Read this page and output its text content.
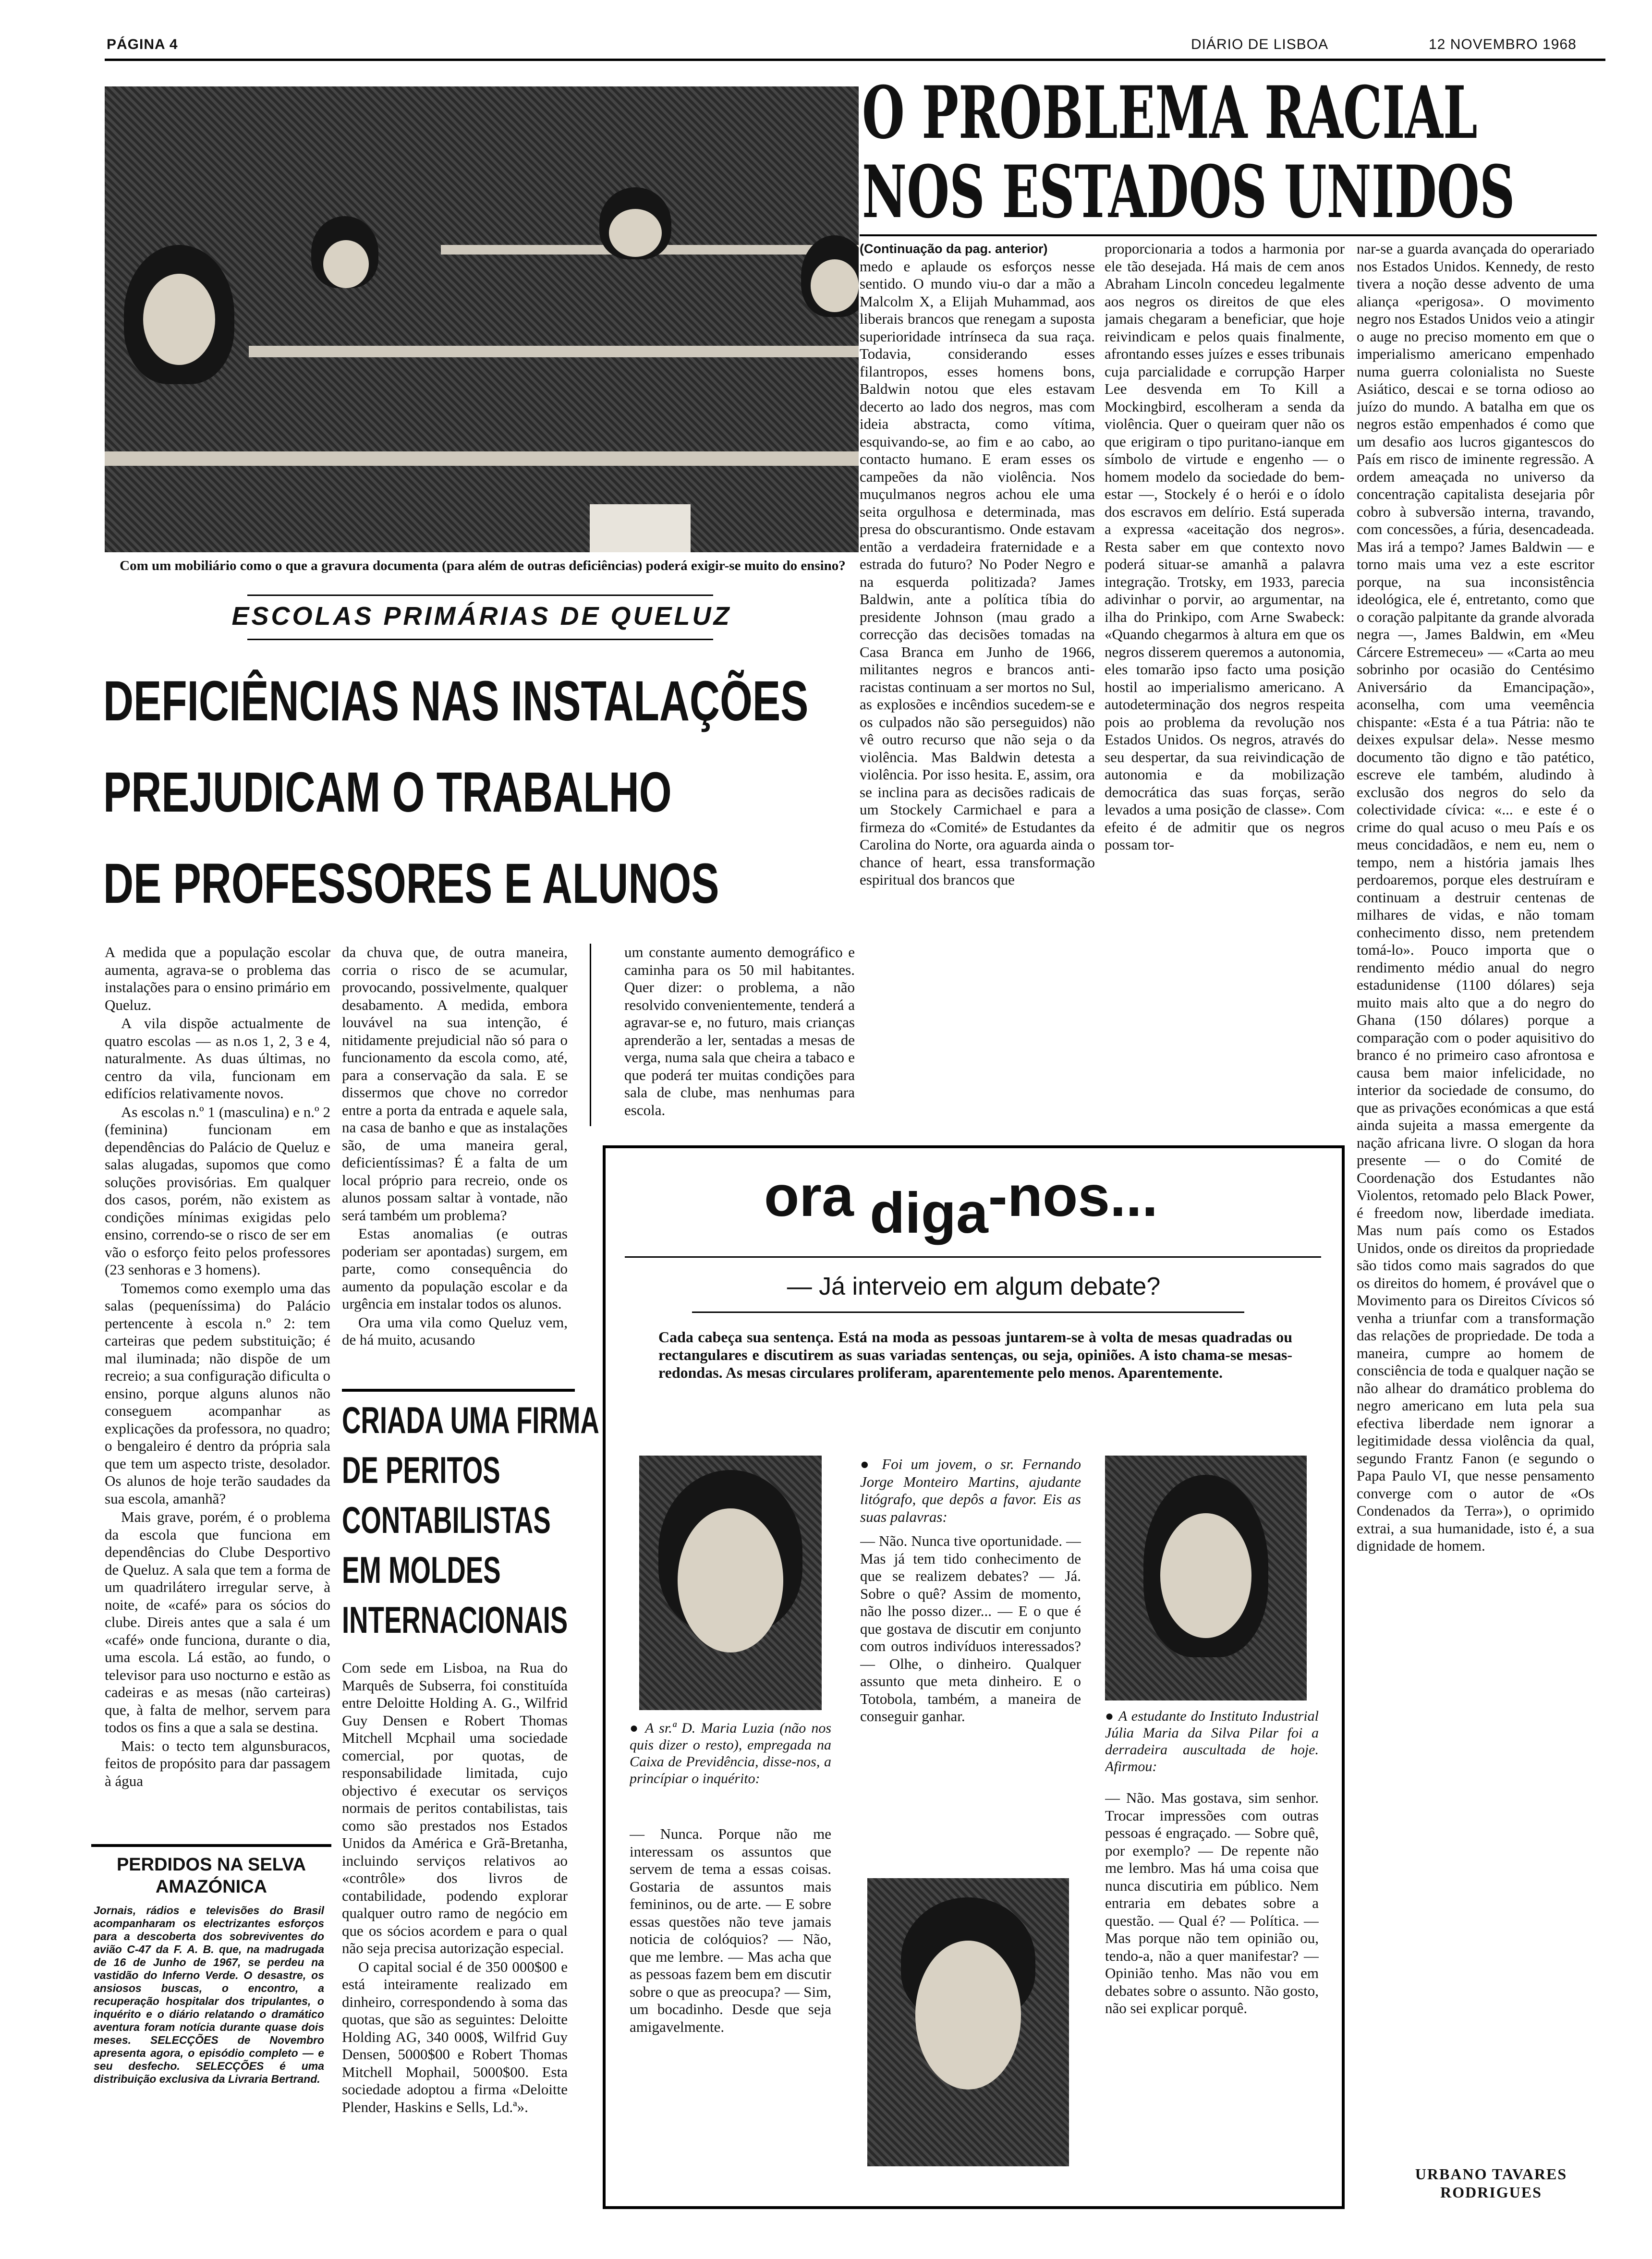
PÁGINA 4	DIÁRIO DE LISBOA	12 NOVEMBRO 1968
Com um mobiliário como o que a gravura documenta (para além de outras deficiências) poderá exigir-se muito do ensino?
ESCOLAS PRIMÁRIAS DE QUELUZ
DEFICIÊNCIAS NAS INSTALAÇÕES
PREJUDICAM O TRABALHO
DE PROFESSORES E ALUNOS

A medida que a população escolar aumenta, agrava-se o problema das instalações para o ensino primário em Queluz.

A vila dispõe actualmente de quatro escolas — as n.os 1, 2, 3 e 4, naturalmente. As duas últimas, no centro da vila, funcionam em edifícios relativamente novos.

As escolas n.º 1 (masculina) e n.º 2 (feminina) funcionam em dependências do Palácio de Queluz e salas alugadas, supomos que como soluções provisórias. Em qualquer dos casos, porém, não existem as condições mínimas exigidas pelo ensino, correndo-se o risco de ser em vão o esforço feito pelos professores (23 senhoras e 3 homens).

Tomemos como exemplo uma das salas (pequeníssima) do Palácio pertencente à escola n.º 2: tem carteiras que pedem substituição; é mal iluminada; não dispõe de um recreio; a sua configuração dificulta o ensino, porque alguns alunos não conseguem acompanhar as explicações da professora, no quadro; o bengaleiro é dentro da própria sala que tem um aspecto triste, desolador. Os alunos de hoje terão saudades da sua escola, amanhã?

Mais grave, porém, é o problema da escola que funciona em dependências do Clube Desportivo de Queluz. A sala que tem a forma de um quadrilátero irregular serve, à noite, de «café» para os sócios do clube. Direis antes que a sala é um «café» onde funciona, durante o dia, uma escola. Lá estão, ao fundo, o televisor para uso nocturno e estão as cadeiras e as mesas (não carteiras) que, à falta de melhor, servem para todos os fins a que a sala se destina.

Mais: o tecto tem algunsburacos, feitos de propósito para dar passagem à água

da chuva que, de outra maneira, corria o risco de se acumular, provocando, possivelmente, qualquer desabamento. A medida, embora louvável na sua intenção, é nitidamente prejudicial não só para o funcionamento da escola como, até, para a conservação da sala. E se dissermos que chove no corredor entre a porta da entrada e aquele sala, na casa de banho e que as instalações são, de uma maneira geral, deficientíssimas? É a falta de um local próprio para recreio, onde os alunos possam saltar à vontade, não será também um problema?

Estas anomalias (e outras poderiam ser apontadas) surgem, em parte, como consequência do aumento da população escolar e da urgência em instalar todos os alunos.

Ora uma vila como Queluz vem, de há muito, acusando

um constante aumento demográfico e caminha para os 50 mil habitantes. Quer dizer: o problema, a não resolvido convenientemente, tenderá a agravar-se e, no futuro, mais crianças aprenderão a ler, sentadas a mesas de verga, numa sala que cheira a tabaco e que poderá ter muitas condições para sala de clube, mas nenhumas para escola.

CRIADA UMA FIRMA
DE PERITOS
CONTABILISTAS
EM MOLDES
INTERNACIONAIS

Com sede em Lisboa, na Rua do Marquês de Subserra, foi constituída entre Deloitte Holding A. G., Wilfrid Guy Densen e Robert Thomas Mitchell Mcphail uma sociedade comercial, por quotas, de responsabilidade limitada, cujo objectivo é executar os serviços normais de peritos contabilistas, tais como são prestados nos Estados Unidos da América e Grã-Bretanha, incluindo serviços relativos ao «contrôle» dos livros de contabilidade, podendo explorar qualquer outro ramo de negócio em que os sócios acordem e para o qual não seja precisa autorização especial.

O capital social é de 350 000$00 e está inteiramente realizado em dinheiro, correspondendo à soma das quotas, que são as seguintes: Deloitte Holding AG, 340 000$, Wilfrid Guy Densen, 5000$00 e Robert Thomas Mitchell Mophail, 5000$00. Esta sociedade adoptou a firma «Deloitte Plender, Haskins e Sells, Ld.ª».

PERDIDOS NA SELVA
AMAZÓNICA
Jornais, rádios e televisões do Brasil acompanharam os electrizantes esforços para a descoberta dos sobreviventes do avião C-47 da F. A. B. que, na madrugada de 16 de Junho de 1967, se perdeu na vastidão do Inferno Verde. O desastre, os ansiosos buscas, o encontro, a recuperação hospitalar dos tripulantes, o inquérito e o diário relatando o dramático aventura foram notícia durante quase dois meses. SELECÇÕES de Novembro apresenta agora, o episódio completo — e seu desfecho. SELECÇÕES é uma distribuição exclusiva da Livraria Bertrand.
O PROBLEMA RACIAL
NOS ESTADOS UNIDOS
(Continuação da pag. anterior)

medo e aplaude os esforços nesse sentido. O mundo viu-o dar a mão a Malcolm X, a Elijah Muhammad, aos liberais brancos que renegam a suposta superioridade intrínseca da sua raça. Todavia, considerando esses filantropos, esses homens bons, Baldwin notou que eles estavam decerto ao lado dos negros, mas com ideia abstracta, como vítima, esquivando-se, ao fim e ao cabo, ao contacto humano. E eram esses os campeões da não violência. Nos muçulmanos negros achou ele uma seita orgulhosa e determinada, mas presa do obscurantismo. Onde estavam então a verdadeira fraternidade e a estrada do futuro? No Poder Negro e na esquerda politizada? James Baldwin, ante a política tíbia do presidente Johnson (mau grado a correcção das decisões tomadas na Casa Branca em Junho de 1966, militantes negros e brancos anti-racistas continuam a ser mortos no Sul, as explosões e incêndios sucedem-se e os culpados não são perseguidos) não vê outro recurso que não seja o da violência. Mas Baldwin detesta a violência. Por isso hesita. E, assim, ora se inclina para as decisões radicais de um Stockely Carmichael e para a firmeza do «Comité» de Estudantes da Carolina do Norte, ora aguarda ainda o chance of heart, essa transformação espiritual dos brancos que

proporcionaria a todos a harmonia por ele tão desejada. Há mais de cem anos Abraham Lincoln concedeu legalmente aos negros os direitos de que eles jamais chegaram a beneficiar, que hoje reivindicam e pelos quais finalmente, afrontando esses juízes e esses tribunais cuja parcialidade e corrupção Harper Lee desvenda em To Kill a Mockingbird, escolheram a senda da violência. Quer o queiram quer não os que erigiram o tipo puritano-ianque em símbolo de virtude e engenho — o homem modelo da sociedade do bem-estar —, Stockely é o herói e o ídolo dos escravos em delírio. Está superada a expressa «aceitação dos negros». Resta saber em que contexto novo poderá situar-se amanhã a palavra integração. Trotsky, em 1933, parecia adivinhar o porvir, ao argumentar, na ilha do Prinkipo, com Arne Swabeck: «Quando chegarmos à altura em que os negros disserem queremos a autonomia, eles tomarão ipso facto uma posição hostil ao imperialismo americano. A autodeterminação dos negros respeita pois ao problema da revolução nos Estados Unidos. Os negros, através do seu despertar, da sua reivindicação de autonomia e da mobilização democrática das suas forças, serão levados a uma posição de classe». Com efeito é de admitir que os negros possam tor-

nar-se a guarda avançada do operariado nos Estados Unidos. Kennedy, de resto tivera a noção desse advento de uma aliança «perigosa». O movimento negro nos Estados Unidos veio a atingir o auge no preciso momento em que o imperialismo americano empenhado numa guerra colonialista no Sueste Asiático, descai e se torna odioso ao juízo do mundo. A batalha em que os negros estão empenhados é como que um desafio aos lucros gigantescos do País em risco de iminente regressão. A ordem ameaçada no universo da concentração capitalista desejaria pôr cobro à subversão interna, travando, com concessões, a fúria, desencadeada. Mas irá a tempo? James Baldwin — e torno mais uma vez a este escritor porque, na sua inconsistência ideológica, ele é, entretanto, como que o coração palpitante da grande alvorada negra —, James Baldwin, em «Meu Cárcere Estremeceu» — «Carta ao meu sobrinho por ocasião do Centésimo Aniversário da Emancipação», aconselha, com uma veemência chispante: «Esta é a tua Pátria: não te deixes expulsar dela». Nesse mesmo documento tão digno e tão patético, escreve ele também, aludindo à exclusão dos negros do selo da colectividade cívica: «... e este é o crime do qual acuso o meu País e os meus concidadãos, e nem eu, nem o tempo, nem a história jamais lhes perdoaremos, porque eles destruíram e continuam a destruir centenas de milhares de vidas, e não tomam conhecimento disso, nem pretendem tomá-lo». Pouco importa que o rendimento médio anual do negro estadunidense (1100 dólares) seja muito mais alto que a do negro do Ghana (150 dólares) porque a comparação com o poder aquisitivo do branco é no primeiro caso afrontosa e causa bem maior infelicidade, no interior da sociedade de consumo, do que as privações económicas a que está ainda sujeita a massa emergente da nação africana livre. O slogan da hora presente — o do Comité de Coordenação dos Estudantes não Violentos, retomado pelo Black Power, é freedom now, liberdade imediata. Mas num país como os Estados Unidos, onde os direitos da propriedade são tidos como mais sagrados do que os direitos do homem, é provável que o Movimento para os Direitos Cívicos só venha a triunfar com a transformação das relações de propriedade. De toda a maneira, cumpre ao homem de consciência de toda e qualquer nação se não alhear do dramático problema do negro americano em luta pela sua efectiva liberdade nem ignorar a legitimidade dessa violência da qual, segundo Frantz Fanon (e segundo o Papa Paulo VI, que nesse pensamento converge com o autor de «Os Condenados da Terra»), o oprimido extrai, a sua humanidade, isto é, a sua dignidade de homem.

URBANO TAVARES RODRIGUES
ora diga-nos...
— Já interveio em algum debate?
Cada cabeça sua sentença. Está na moda as pessoas juntarem-se à volta de mesas quadradas ou rectangulares e discutirem as suas variadas sentenças, ou seja, opiniões. A isto chama-se mesas-redondas. As mesas circulares proliferam, aparentemente pelo menos. Aparentemente.
● A sr.ª D. Maria Luzia (não nos quis dizer o resto), empregada na Caixa de Previdência, disse-nos, a princípiar o inquérito:
— Nunca. Porque não me interessam os assuntos que servem de tema a essas coisas. Gostaria de assuntos mais femininos, ou de arte. — E sobre essas questões não teve jamais noticia de colóquios? — Não, que me lembre. — Mas acha que as pessoas fazem bem em discutir sobre o que as preocupa? — Sim, um bocadinho. Desde que seja amigavelmente.
● Foi um jovem, o sr. Fernando Jorge Monteiro Martins, ajudante litógrafo, que depôs a favor. Eis as suas palavras:
— Não. Nunca tive oportunidade. — Mas já tem tido conhecimento de que se realizem debates? — Já. Sobre o quê? Assim de momento, não lhe posso dizer... — E o que é que gostava de discutir em conjunto com outros indivíduos interessados? — Olhe, o dinheiro. Qualquer assunto que meta dinheiro. E o Totobola, também, a maneira de conseguir ganhar.	● A estudante do Instituto Industrial Júlia Maria da Silva Pilar foi a derradeira auscultada de hoje. Afirmou:
— Não. Mas gostava, sim senhor. Trocar impressões com outras pessoas é engraçado. — Sobre quê, por exemplo? — De repente não me lembro. Mas há uma coisa que nunca discutiria em público. Nem entraria em debates sobre a questão. — Qual é? — Política. — Mas porque não tem opinião ou, tendo-a, não a quer manifestar? — Opinião tenho. Mas não vou em debates sobre o assunto. Não gosto, não sei explicar porquê.
